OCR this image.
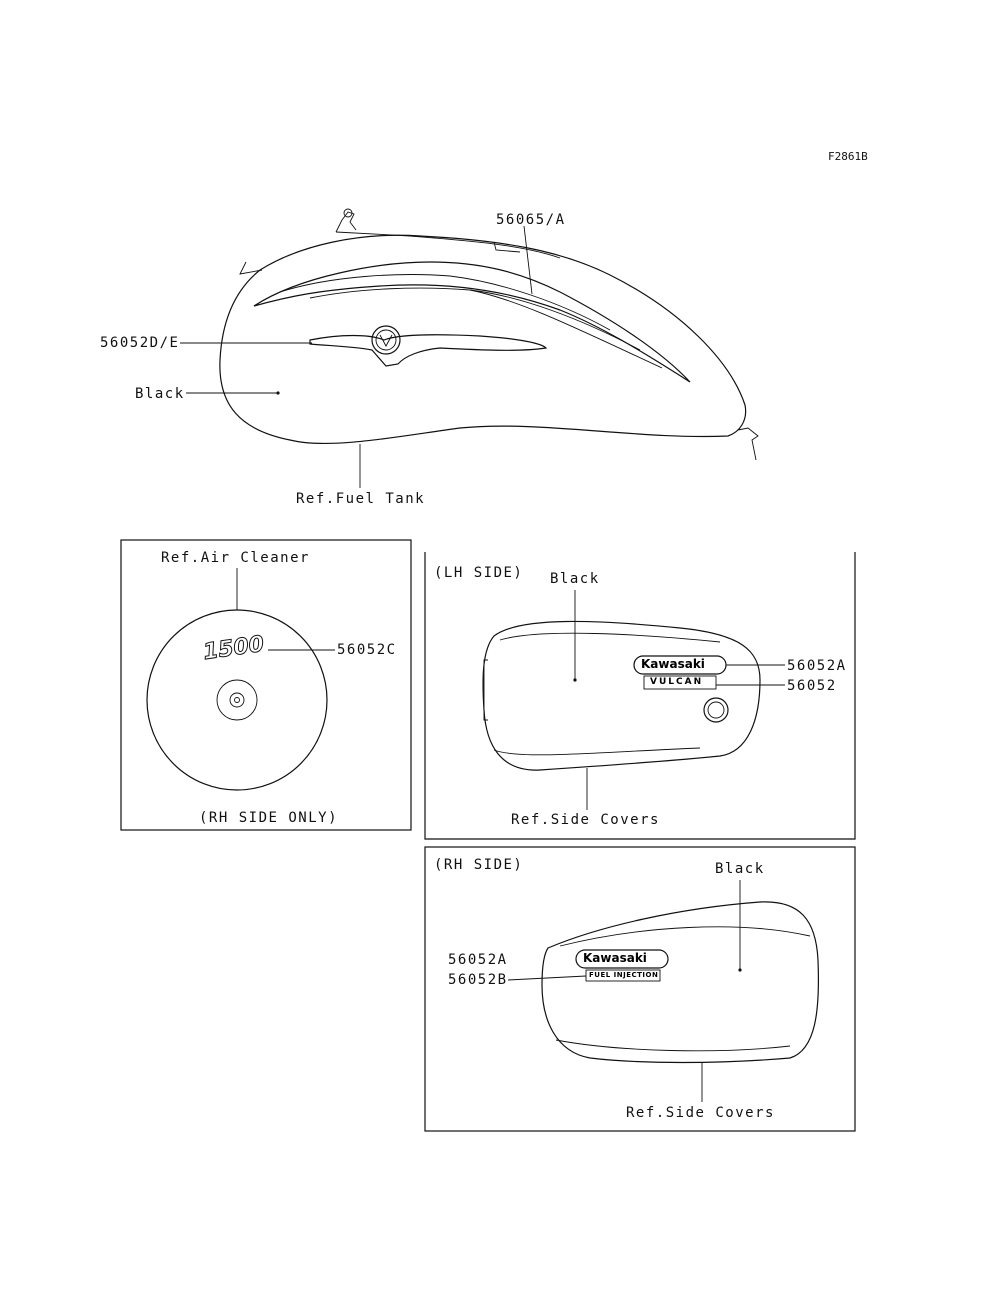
F2861B
56065/A
56052D/E
Black
Ref.Fuel Tank
Ref.Air Cleaner
56052C
1500
(RH SIDE ONLY)
(LH SIDE) Black
Kawasaki
VULCAN
56052A
56052
Ref.Side Covers
(RH SIDE)	Black
56052A
56052B
Kawasaki
FUEL INJECTION
Ref.Side Covers
